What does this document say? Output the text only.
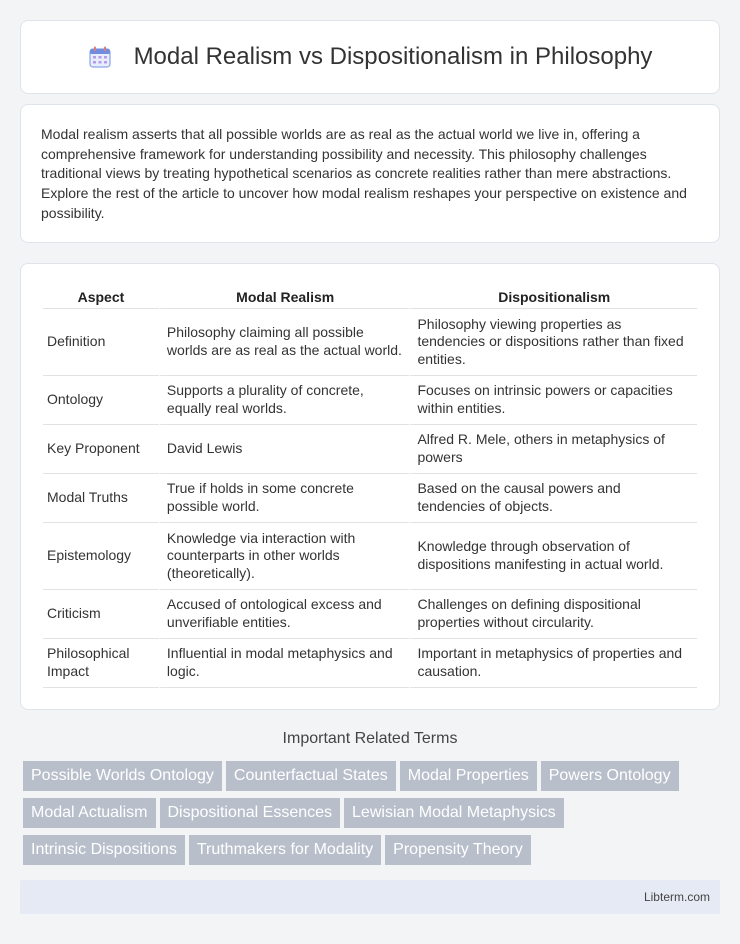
Modal Realism vs Dispositionalism in Philosophy

Modal realism asserts that all possible worlds are as real as the actual world we live in, offering a comprehensive framework for understanding possibility and necessity. This philosophy challenges traditional views by treating hypothetical scenarios as concrete realities rather than mere abstractions. Explore the rest of the article to uncover how modal realism reshapes your perspective on existence and possibility.

Aspect	Modal Realism	Dispositionalism
Definition	Philosophy claiming all possible worlds are as real as the actual world.	Philosophy viewing properties as tendencies or dispositions rather than fixed entities.
Ontology	Supports a plurality of concrete, equally real worlds.	Focuses on intrinsic powers or capacities within entities.
Key Proponent	David Lewis	Alfred R. Mele, others in metaphysics of powers
Modal Truths	True if holds in some concrete possible world.	Based on the causal powers and tendencies of objects.
Epistemology	Knowledge via interaction with counterparts in other worlds (theoretically).	Knowledge through observation of dispositions manifesting in actual world.
Criticism	Accused of ontological excess and unverifiable entities.	Challenges on defining dispositional properties without circularity.
Philosophical Impact	Influential in modal metaphysics and logic.	Important in metaphysics of properties and causation.
Important Related Terms
Possible Worlds Ontology Counterfactual States Modal Properties Powers Ontology
Modal Actualism Dispositional Essences Lewisian Modal Metaphysics
Intrinsic Dispositions Truthmakers for Modality Propensity Theory
Libterm.com
